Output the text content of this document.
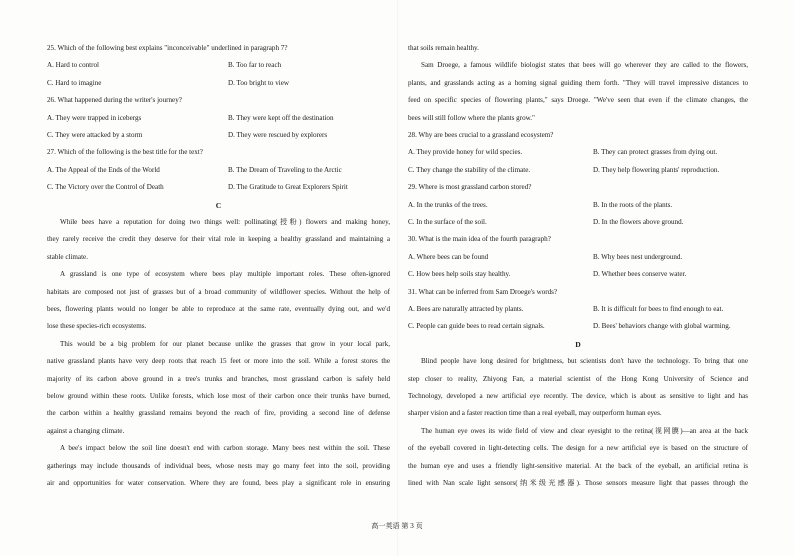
25. Which of the following best explains "inconceivable" underlined in paragraph 7?
A. Hard to control	B. Too far to reach
C. Hard to imagine	D. Too bright to view
26. What happened during the writer's journey?
A. They were trapped in icebergs	B. They were kept off the destination
C. They were attacked by a storm	D. They were rescued by explorers
27. Which of the following is the best title for the text?
A. The Appeal of the Ends of the World	B. The Dream of Traveling to the Arctic
C. The Victory over the Control of Death	D. The Gratitude to Great Explorers Spirit
C
While bees have a reputation for doing two things well: pollinating(授粉) flowers and making honey,
they rarely receive the credit they deserve for their vital role in keeping a healthy grassland and maintaining a
stable climate.
A grassland is one type of ecosystem where bees play multiple important roles. These often-ignored
habitats are composed not just of grasses but of a broad community of wildflower species. Without the help of
bees, flowering plants would no longer be able to reproduce at the same rate, eventually dying out, and we'd
lose these species-rich ecosystems.
This would be a big problem for our planet because unlike the grasses that grow in your local park,
native grassland plants have very deep roots that reach 15 feet or more into the soil. While a forest stores the
majority of its carbon above ground in a tree's trunks and branches, most grassland carbon is safely held
below ground within these roots. Unlike forests, which lose most of their carbon once their trunks have burned,
the carbon within a healthy grassland remains beyond the reach of fire, providing a second line of defense
against a changing climate.
A bee's impact below the soil line doesn't end with carbon storage. Many bees nest within the soil. These
gatherings may include thousands of individual bees, whose nests may go many feet into the soil, providing
air and opportunities for water conservation. Where they are found, bees play a significant role in ensuring
that soils remain healthy.
Sam Droege, a famous wildlife biologist states that bees will go wherever they are called to the flowers,
plants, and grasslands acting as a homing signal guiding them forth. "They will travel impressive distances to
feed on specific species of flowering plants," says Droege. "We've seen that even if the climate changes, the
bees will still follow where the plants grow."
28. Why are bees crucial to a grassland ecosystem?
A. They provide honey for wild species.	B. They can protect grasses from dying out.
C. They change the stability of the climate.	D. They help flowering plants' reproduction.
29. Where is most grassland carbon stored?
A. In the trunks of the trees.	B. In the roots of the plants.
C. In the surface of the soil.	D. In the flowers above ground.
30. What is the main idea of the fourth paragraph?
A. Where bees can be found	B. Why bees nest underground.
C. How bees help soils stay healthy.	D. Whether bees conserve water.
31. What can be inferred from Sam Droege's words?
A. Bees are naturally attracted by plants.	B. It is difficult for bees to find enough to eat.
C. People can guide bees to read certain signals.	D. Bees' behaviors change with global warming.
D
Blind people have long desired for brightness, but scientists don't have the technology. To bring that one
step closer to reality, Zhiyong Fan, a material scientist of the Hong Kong University of Science and
Technology, developed a new artificial eye recently. The device, which is about as sensitive to light and has
sharper vision and a faster reaction time than a real eyeball, may outperform human eyes.
The human eye owes its wide field of view and clear eyesight to the retina(视网膜)—an area at the back
of the eyeball covered in light-detecting cells. The design for a new artificial eye is based on the structure of
the human eye and uses a friendly light-sensitive material. At the back of the eyeball, an artificial retina is
lined with Nan scale light sensors(纳米级光感器). Those sensors measure light that passes through the
高一英语 第 3 页
